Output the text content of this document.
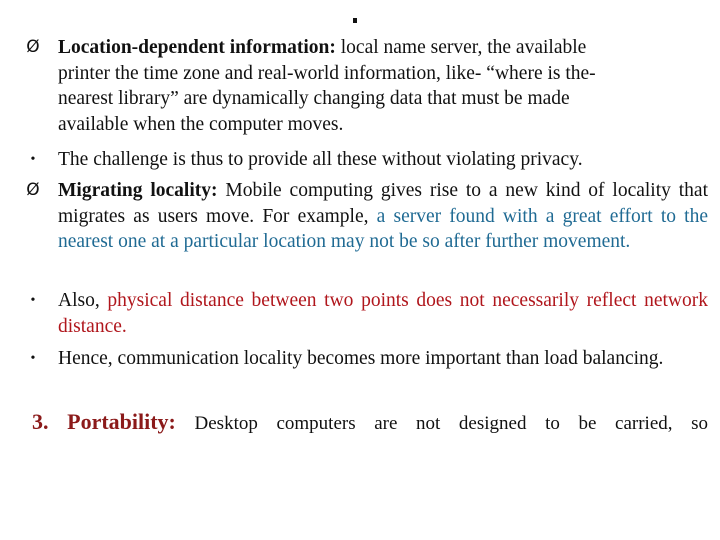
Ø Location-dependent information: local name server, the available
printer the time zone and real-world information, like- “where is the-
nearest library” are dynamically changing data that must be made
available when the computer moves.
•	The challenge is thus to provide all these without violating privacy.
Ø Migrating locality: Mobile computing gives rise to a new kind of locality that migrates as users move. For example, a server found with a great effort to the nearest one at a particular location may not be so after further movement.
•	Also, physical distance between two points does not necessarily reflect network distance.
•	Hence, communication locality becomes more important than load balancing.
3. Portability: Desktop computers are not designed to be carried, so
